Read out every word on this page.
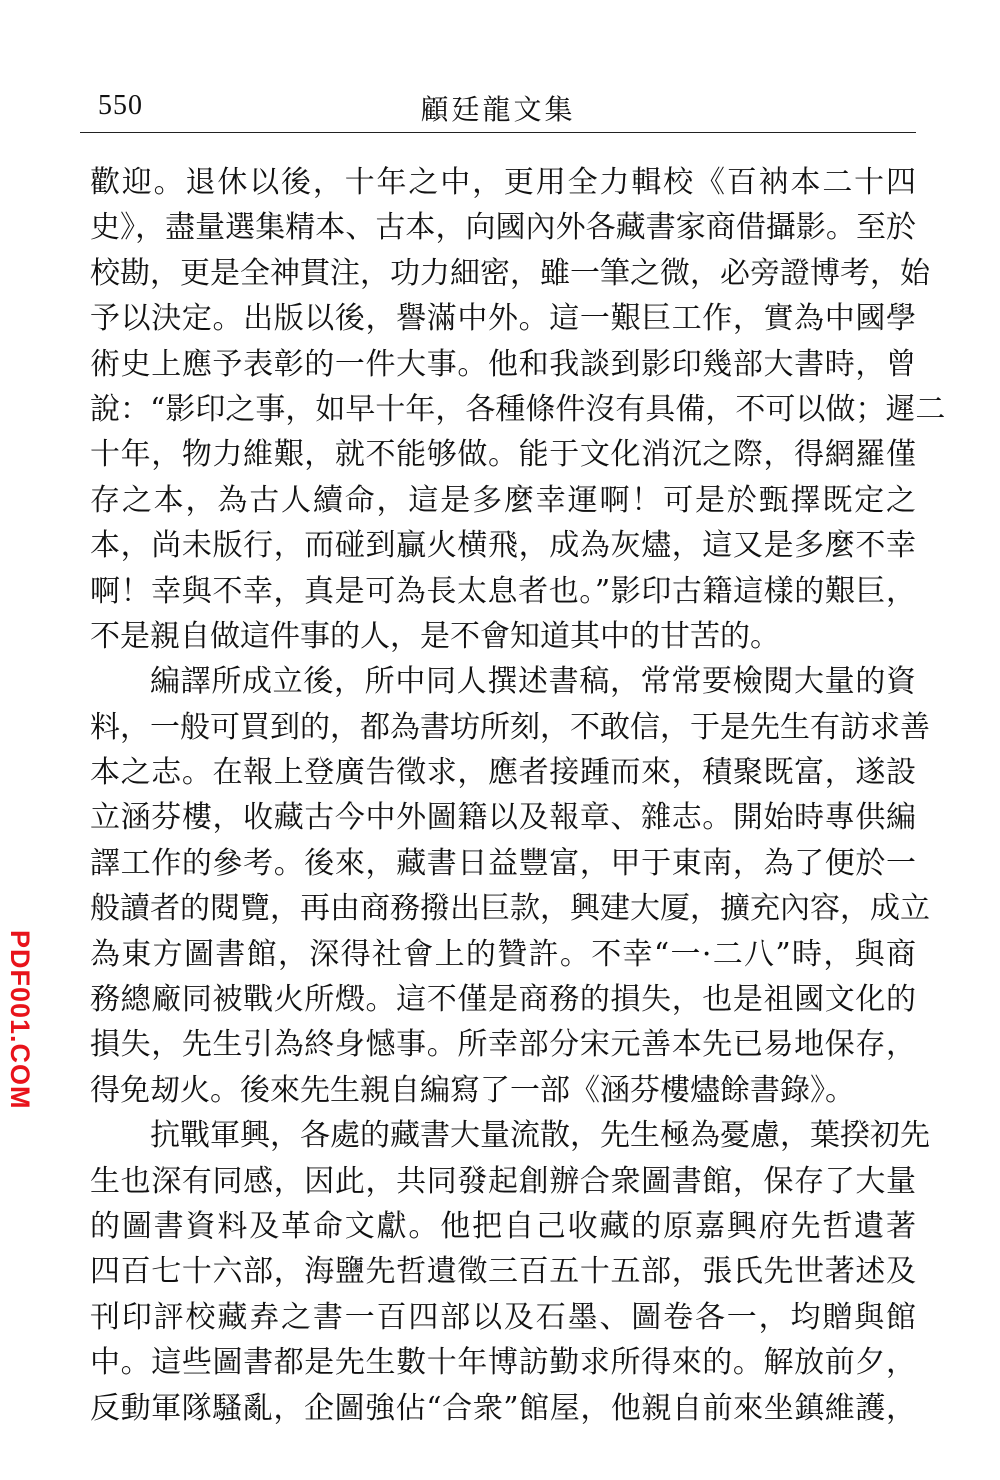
550	顧廷龍文集
歡迎。退休以後，十年之中，更用全力輯校《百衲本二十四
史》，盡量選集精本、古本，向國內外各藏書家商借攝影。至於
校勘，更是全神貫注，功力細密，雖一筆之微，必旁證博考，始
予以決定。出版以後，譽滿中外。這一艱巨工作，實為中國學
術史上應予表彰的一件大事。他和我談到影印幾部大書時，曾
說：“影印之事，如早十年，各種條件沒有具備，不可以做；遲二
十年，物力維艱，就不能够做。能于文化消沉之際，得網羅僅
存之本，為古人續命，這是多麼幸運啊！可是於甄擇既定之
本，尚未版行，而碰到贏火横飛，成為灰燼，這又是多麼不幸
啊！幸與不幸，真是可為長太息者也。”影印古籍這樣的艱巨，
不是親自做這件事的人，是不會知道其中的甘苦的。
編譯所成立後，所中同人撰述書稿，常常要檢閱大量的資
料，一般可買到的，都為書坊所刻，不敢信，于是先生有訪求善
本之志。在報上登廣告徵求，應者接踵而來，積聚既富，遂設
立涵芬樓，收藏古今中外圖籍以及報章、雜志。開始時專供編
譯工作的參考。後來，藏書日益豐富，甲于東南，為了便於一
般讀者的閱覽，再由商務撥出巨款，興建大厦，擴充內容，成立
為東方圖書館，深得社會上的贊許。不幸“一·二八”時，與商
務總廠同被戰火所燬。這不僅是商務的損失，也是祖國文化的
損失，先生引為終身憾事。所幸部分宋元善本先已易地保存，
得免刼火。後來先生親自編寫了一部《涵芬樓燼餘書錄》。
抗戰軍興，各處的藏書大量流散，先生極為憂慮，葉揆初先
生也深有同感，因此，共同發起創辦合衆圖書館，保存了大量
的圖書資料及革命文獻。他把自己收藏的原嘉興府先哲遺著
四百七十六部，海鹽先哲遺徵三百五十五部，張氏先世著述及
刊印評校藏弆之書一百四部以及石墨、圖卷各一，均贈與館
中。這些圖書都是先生數十年博訪勤求所得來的。解放前夕，
反動軍隊騷亂，企圖強佔“合衆”館屋，他親自前來坐鎮維護，
PDF001.COM
